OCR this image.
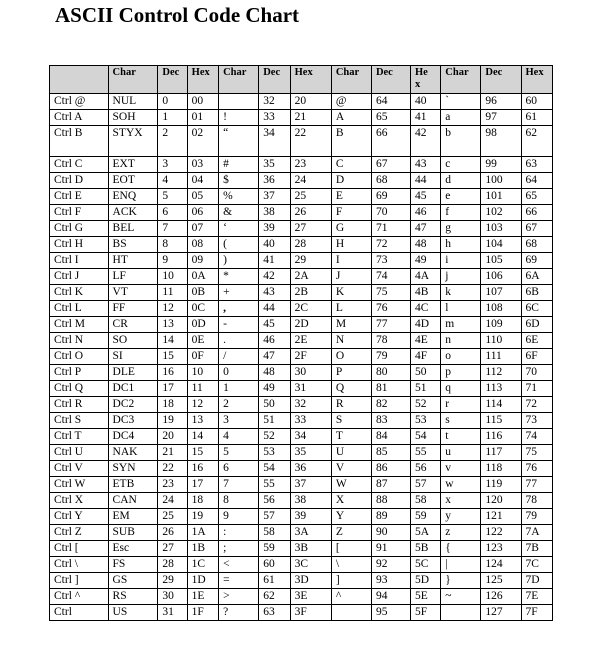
ASCII Control Code Chart
	Char	Dec	Hex	Char	Dec	Hex	Char	Dec	Hex	Char	Dec	Hex
Ctrl @	NUL	0	00		32	20	@	64	40	`	96	60
Ctrl A	SOH	1	01	!	33	21	A	65	41	a	97	61
Ctrl B	STYX	2	02	“	34	22	B	66	42	b	98	62
Ctrl C	EXT	3	03	#	35	23	C	67	43	c	99	63
Ctrl D	EOT	4	04	$	36	24	D	68	44	d	100	64
Ctrl E	ENQ	5	05	%	37	25	E	69	45	e	101	65
Ctrl F	ACK	6	06	&	38	26	F	70	46	f	102	66
Ctrl G	BEL	7	07	‘	39	27	G	71	47	g	103	67
Ctrl H	BS	8	08	(	40	28	H	72	48	h	104	68
Ctrl I	HT	9	09	)	41	29	I	73	49	i	105	69
Ctrl J	LF	10	0A	*	42	2A	J	74	4A	j	106	6A
Ctrl K	VT	11	0B	+	43	2B	K	75	4B	k	107	6B
Ctrl L	FF	12	0C	,	44	2C	L	76	4C	l	108	6C
Ctrl M	CR	13	0D	-	45	2D	M	77	4D	m	109	6D
Ctrl N	SO	14	0E	.	46	2E	N	78	4E	n	110	6E
Ctrl O	SI	15	0F	/	47	2F	O	79	4F	o	111	6F
Ctrl P	DLE	16	10	0	48	30	P	80	50	p	112	70
Ctrl Q	DC1	17	11	1	49	31	Q	81	51	q	113	71
Ctrl R	DC2	18	12	2	50	32	R	82	52	r	114	72
Ctrl S	DC3	19	13	3	51	33	S	83	53	s	115	73
Ctrl T	DC4	20	14	4	52	34	T	84	54	t	116	74
Ctrl U	NAK	21	15	5	53	35	U	85	55	u	117	75
Ctrl V	SYN	22	16	6	54	36	V	86	56	v	118	76
Ctrl W	ETB	23	17	7	55	37	W	87	57	w	119	77
Ctrl X	CAN	24	18	8	56	38	X	88	58	x	120	78
Ctrl Y	EM	25	19	9	57	39	Y	89	59	y	121	79
Ctrl Z	SUB	26	1A	:	58	3A	Z	90	5A	z	122	7A
Ctrl [	Esc	27	1B	;	59	3B	[	91	5B	{	123	7B
Ctrl \	FS	28	1C	<	60	3C	\	92	5C	|	124	7C
Ctrl ]	GS	29	1D	=	61	3D	]	93	5D	}	125	7D
Ctrl ^	RS	30	1E	>	62	3E	^	94	5E	~	126	7E
Ctrl	US	31	1F	?	63	3F		95	5F		127	7F
